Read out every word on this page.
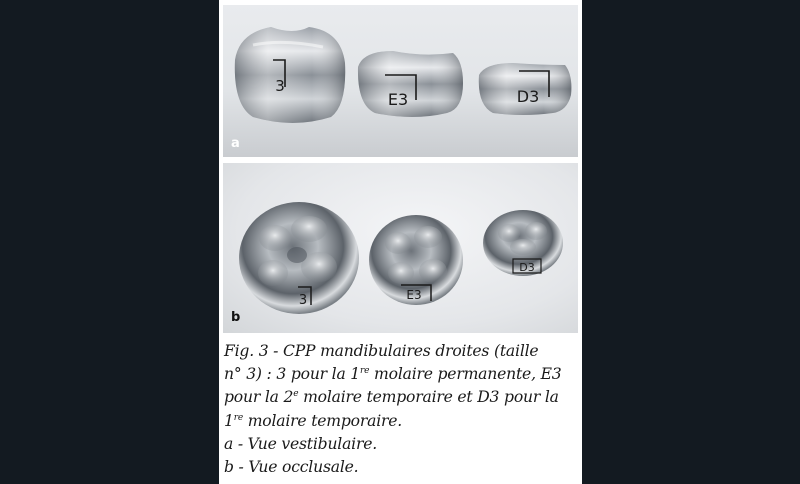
3
E3	D3
a
3	E3
D3
b
Fig. 3 - CPP mandibulaires droites (taille
n° 3) : 3 pour la 1re molaire permanente, E3
pour la 2e molaire temporaire et D3 pour la
1re molaire temporaire.
a - Vue vestibulaire.
b - Vue occlusale.
